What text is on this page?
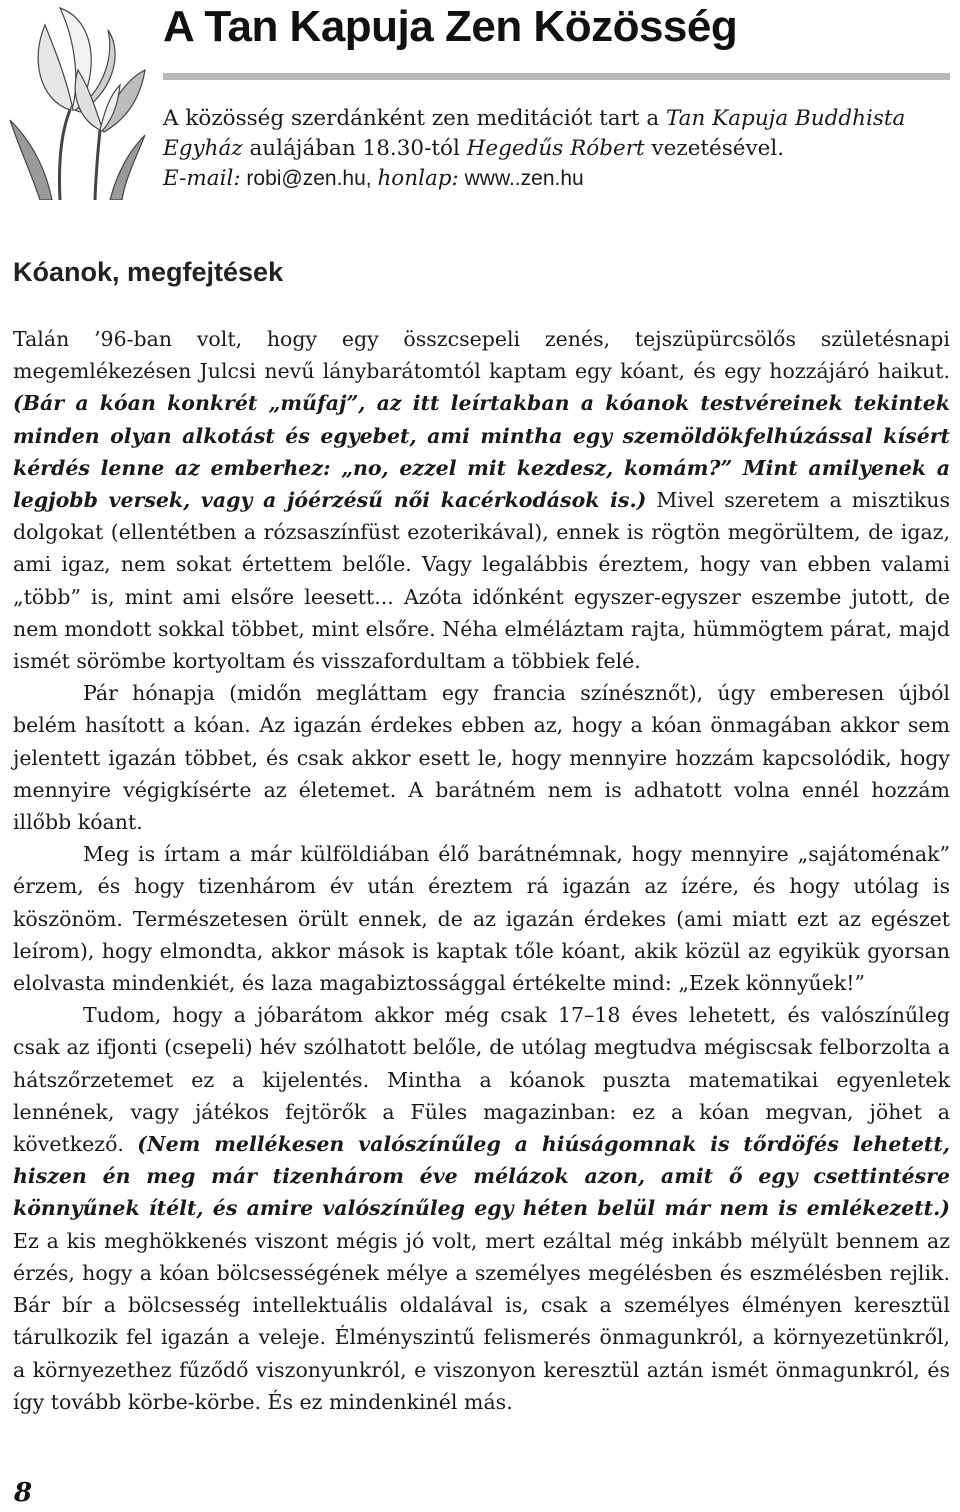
A Tan Kapuja Zen Közösség
A közösség szerdánként zen meditációt tart a Tan Kapuja Buddhista Egyház aulájában 18.30-tól Hegedűs Róbert vezetésével.
E-mail: robi@zen.hu, honlap: www..zen.hu
Kóanok, megfejtések

Talán ’96-ban volt, hogy egy összcsepeli zenés, tejszüpürcsölős születésnapi megemlékezésen Julcsi nevű lánybarátomtól kaptam egy kóant, és egy hozzájáró haikut. (Bár a kóan konkrét „műfaj”, az itt leírtakban a kóanok testvéreinek tekintek minden olyan alkotást és egyebet, ami mintha egy szemöldökfelhúzással kísért kérdés lenne az emberhez: „no, ezzel mit kezdesz, komám?” Mint amilyenek a legjobb versek, vagy a jóérzésű női kacérkodások is.) Mivel szeretem a misztikus dolgokat (ellentétben a rózsaszínfüst ezoterikával), ennek is rögtön megörültem, de igaz, ami igaz, nem sokat értettem belőle. Vagy legalábbis éreztem, hogy van ebben valami „több” is, mint ami elsőre leesett... Azóta időnként egyszer-egyszer eszembe jutott, de nem mondott sokkal többet, mint elsőre. Néha elméláztam rajta, hümmögtem párat, majd ismét sörömbe kortyoltam és visszafordultam a többiek felé.

Pár hónapja (midőn megláttam egy francia színésznőt), úgy emberesen újból belém hasított a kóan. Az igazán érdekes ebben az, hogy a kóan önmagában akkor sem jelentett igazán többet, és csak akkor esett le, hogy mennyire hozzám kapcsolódik, hogy mennyire végigkísérte az életemet. A barátném nem is adhatott volna ennél hozzám illőbb kóant.

Meg is írtam a már külföldiában élő barátnémnak, hogy mennyire „sajátoménak” érzem, és hogy tizenhárom év után éreztem rá igazán az ízére, és hogy utólag is köszönöm. Természetesen örült ennek, de az igazán érdekes (ami miatt ezt az egészet leírom), hogy elmondta, akkor mások is kaptak tőle kóant, akik közül az egyikük gyorsan elolvasta mindenkiét, és laza magabiztossággal értékelte mind: „Ezek könnyűek!”

Tudom, hogy a jóbarátom akkor még csak 17–18 éves lehetett, és valószínűleg csak az ifjonti (csepeli) hév szólhatott belőle, de utólag megtudva mégiscsak felborzolta a hátszőrzetemet ez a kijelentés. Mintha a kóanok puszta matematikai egyenletek lennének, vagy játékos fejtörők a Füles magazinban: ez a kóan megvan, jöhet a következő. (Nem mellékesen valószínűleg a hiúságomnak is tőrdöfés lehetett, hiszen én meg már tizenhárom éve mélázok azon, amit ő egy csettintésre könnyűnek ítélt, és amire valószínűleg egy héten belül már nem is emlékezett.) Ez a kis meghökkenés viszont mégis jó volt, mert ezáltal még inkább mélyült bennem az érzés, hogy a kóan bölcsességének mélye a személyes megélésben és eszmélésben rejlik. Bár bír a bölcsesség intellektuális oldalával is, csak a személyes élményen keresztül tárulkozik fel igazán a veleje. Élményszintű felismerés önmagunkról, a környezetünkről, a környezethez fűződő viszonyunkról, e viszonyon keresztül aztán ismét önmagunkról, és így tovább körbe-körbe. És ez mindenkinél más.

8
